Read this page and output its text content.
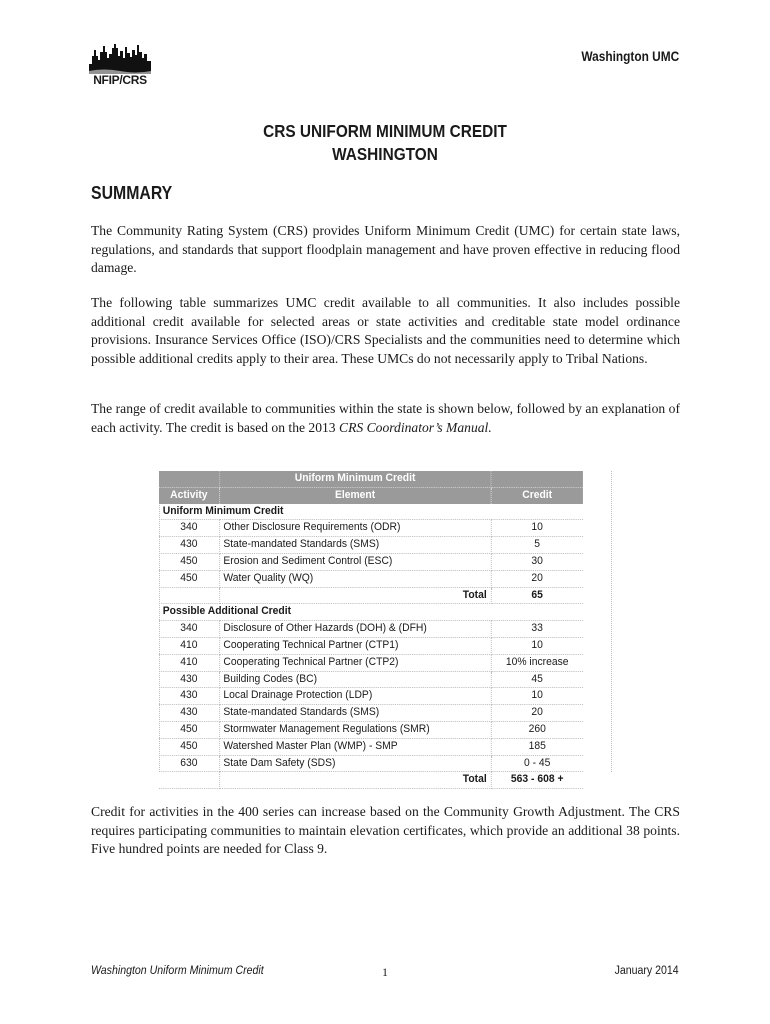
NFIP/CRS
Washington UMC
CRS UNIFORM MINIMUM CREDIT
WASHINGTON
SUMMARY

The Community Rating System (CRS) provides Uniform Minimum Credit (UMC) for certain state laws, regulations, and standards that support floodplain management and have proven effective in reducing flood damage.

The following table summarizes UMC credit available to all communities. It also includes possible additional credit available for selected areas or state activities and creditable state model ordinance provisions. Insurance Services Office (ISO)/CRS Specialists and the communities need to determine which possible additional credits apply to their area. These UMCs do not necessarily apply to Tribal Nations.

The range of credit available to communities within the state is shown below, followed by an explanation of each activity. The credit is based on the 2013 CRS Coordinator’s Manual.

	Uniform Minimum Credit	
Activity	Element	Credit
Uniform Minimum Credit		
340	Other Disclosure Requirements (ODR)	10
430	State-mandated Standards (SMS)	5
450	Erosion and Sediment Control (ESC)	30
450	Water Quality (WQ)	20
	Total	65
Possible Additional Credit		
340	Disclosure of Other Hazards (DOH) & (DFH)	33
410	Cooperating Technical Partner (CTP1)	10
410	Cooperating Technical Partner (CTP2)	10% increase
430	Building Codes (BC)	45
430	Local Drainage Protection (LDP)	10
430	State-mandated Standards (SMS)	20
450	Stormwater Management Regulations (SMR)	260
450	Watershed Master Plan (WMP) - SMP	185
630	State Dam Safety (SDS)	0 - 45
	Total	563 - 608 +

Credit for activities in the 400 series can increase based on the Community Growth Adjustment. The CRS requires participating communities to maintain elevation certificates, which provide an additional 38 points. Five hundred points are needed for Class 9.

Washington Uniform Minimum Credit	1	January 2014
